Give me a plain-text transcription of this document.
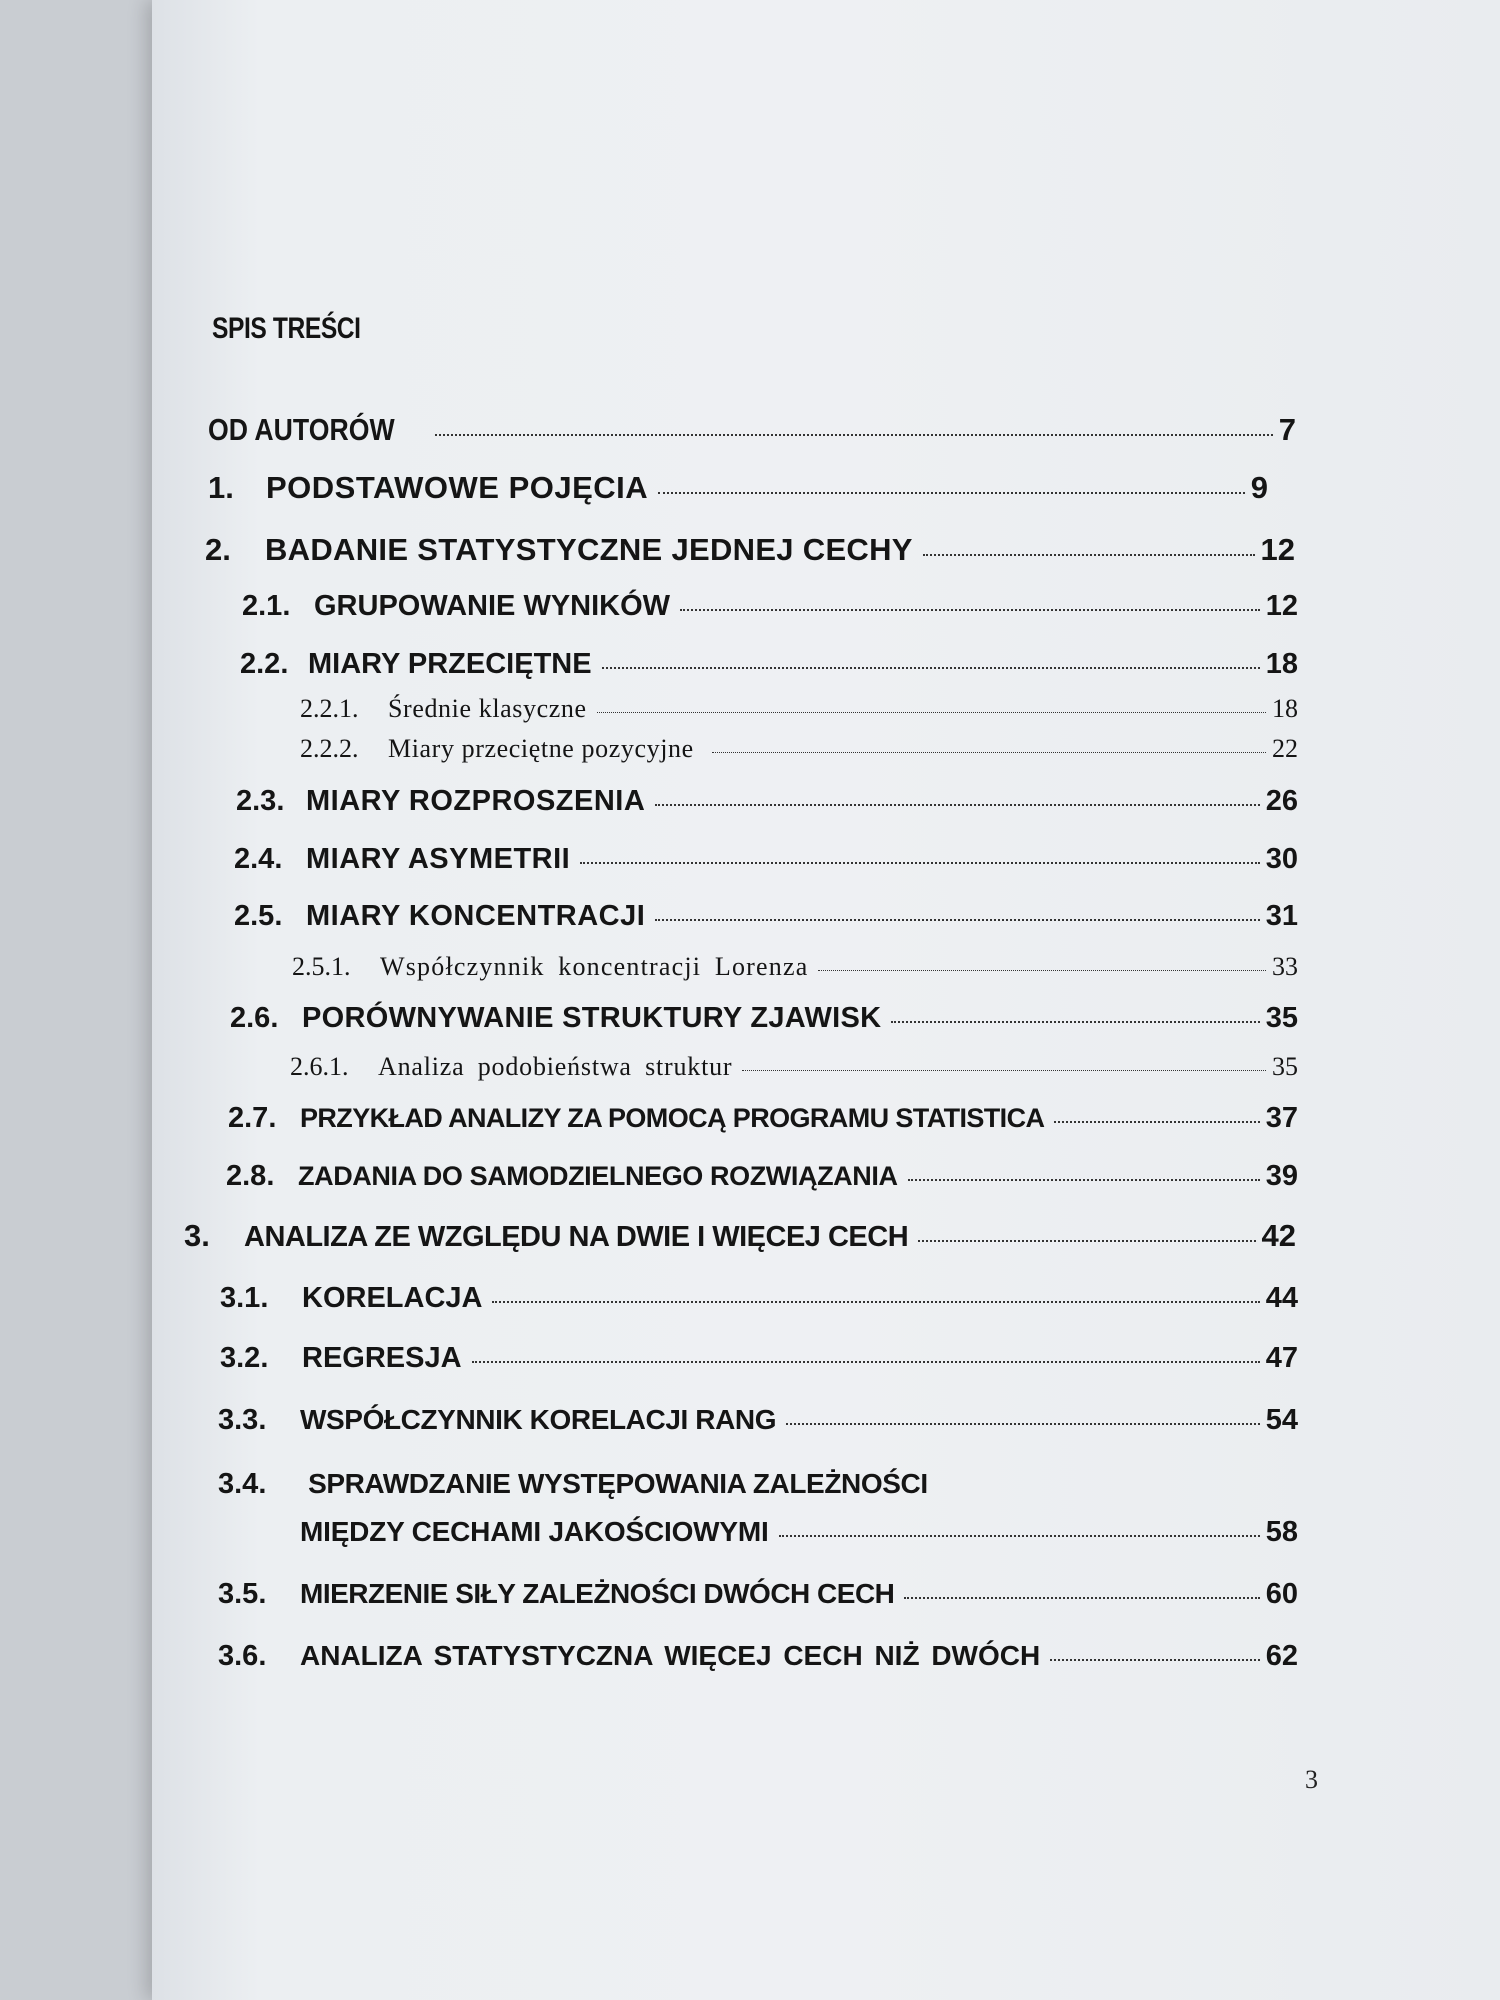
SPIS TREŚCI
OD AUTORÓW	7
1.	PODSTAWOWE POJĘCIA	9
2.	BADANIE STATYSTYCZNE JEDNEJ CECHY	12
2.1. GRUPOWANIE WYNIKÓW	12
2.2. MIARY PRZECIĘTNE	18
2.2.1.	Średnie klasyczne	18
2.2.2.	Miary przeciętne pozycyjne	22
2.3. MIARY ROZPROSZENIA	26
2.4. MIARY ASYMETRII	30
2.5. MIARY KONCENTRACJI	31
2.5.1.	Współczynnik koncentracji Lorenza	33
2.6. PORÓWNYWANIE STRUKTURY ZJAWISK	35
2.6.1.	Analiza podobieństwa struktur	35
2.7. PRZYKŁAD ANALIZY ZA POMOCĄ PROGRAMU STATISTICA	37
2.8. ZADANIA DO SAMODZIELNEGO ROZWIĄZANIA	39
3.	ANALIZA ZE WZGLĘDU NA DWIE I WIĘCEJ CECH	42
3.1.	KORELACJA	44
3.2.	REGRESJA	47
3.3.	WSPÓŁCZYNNIK KORELACJI RANG	54
3.4. SPRAWDZANIE WYSTĘPOWANIA ZALEŻNOŚCI
MIĘDZY CECHAMI JAKOŚCIOWYMI	58
3.5.	MIERZENIE SIŁY ZALEŻNOŚCI DWÓCH CECH	60
3.6.	ANALIZA STATYSTYCZNA WIĘCEJ CECH NIŻ DWÓCH	62
3
